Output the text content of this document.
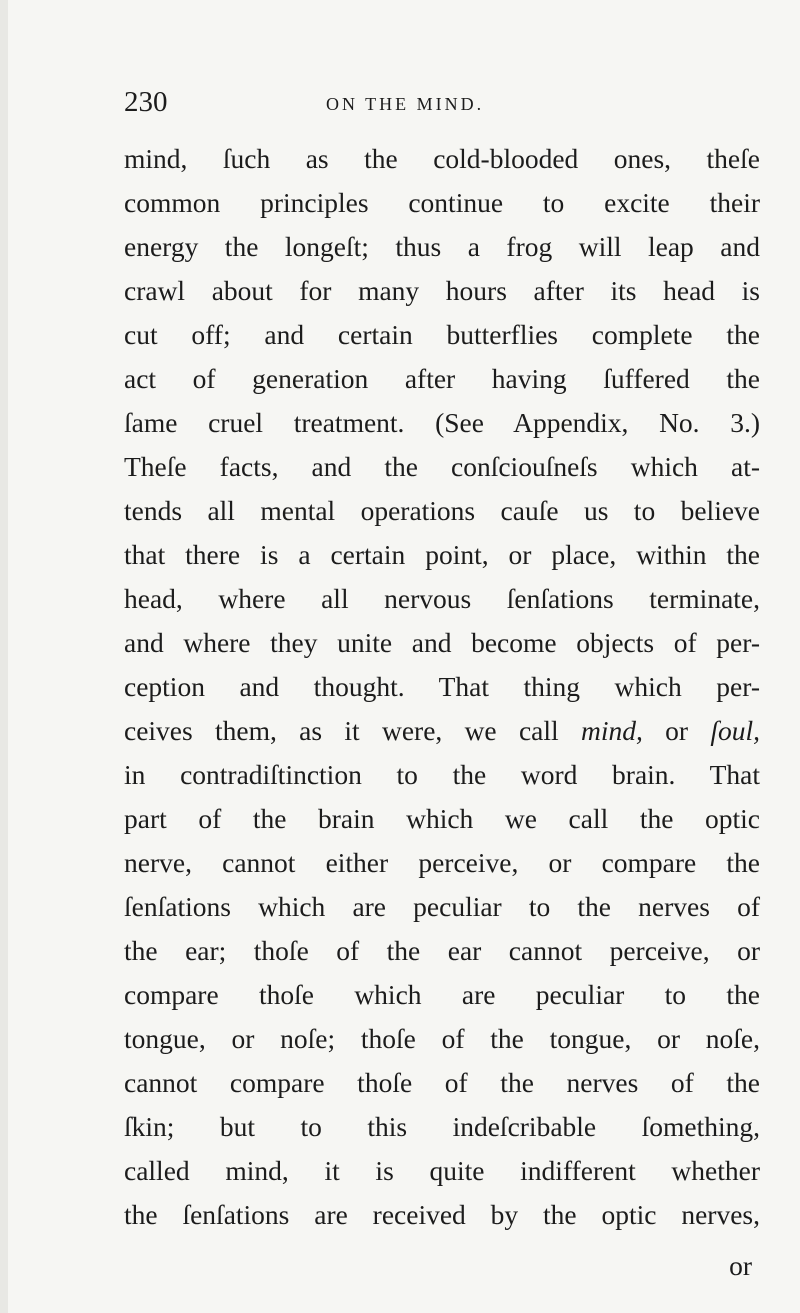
230	ON THE MIND.
mind, ſuch as the cold-blooded ones, theſe
common principles continue to excite their
energy the longeſt; thus a frog will leap and
crawl about for many hours after its head is
cut off; and certain butterflies complete the
act of generation after having ſuffered the
ſame cruel treatment. (See Appendix, No. 3.)
Theſe facts, and the conſciouſneſs which at-
tends all mental operations cauſe us to believe
that there is a certain point, or place, within the
head, where all nervous ſenſations terminate,
and where they unite and become objects of per-
ception and thought. That thing which per-
ceives them, as it were, we call mind, or ſoul,
in contradiſtinction to the word brain. That
part of the brain which we call the optic
nerve, cannot either perceive, or compare the
ſenſations which are peculiar to the nerves of
the ear; thoſe of the ear cannot perceive, or
compare thoſe which are peculiar to the
tongue, or noſe; thoſe of the tongue, or noſe,
cannot compare thoſe of the nerves of the
ſkin; but to this indeſcribable ſomething,
called mind, it is quite indifferent whether
the ſenſations are received by the optic nerves,
or
